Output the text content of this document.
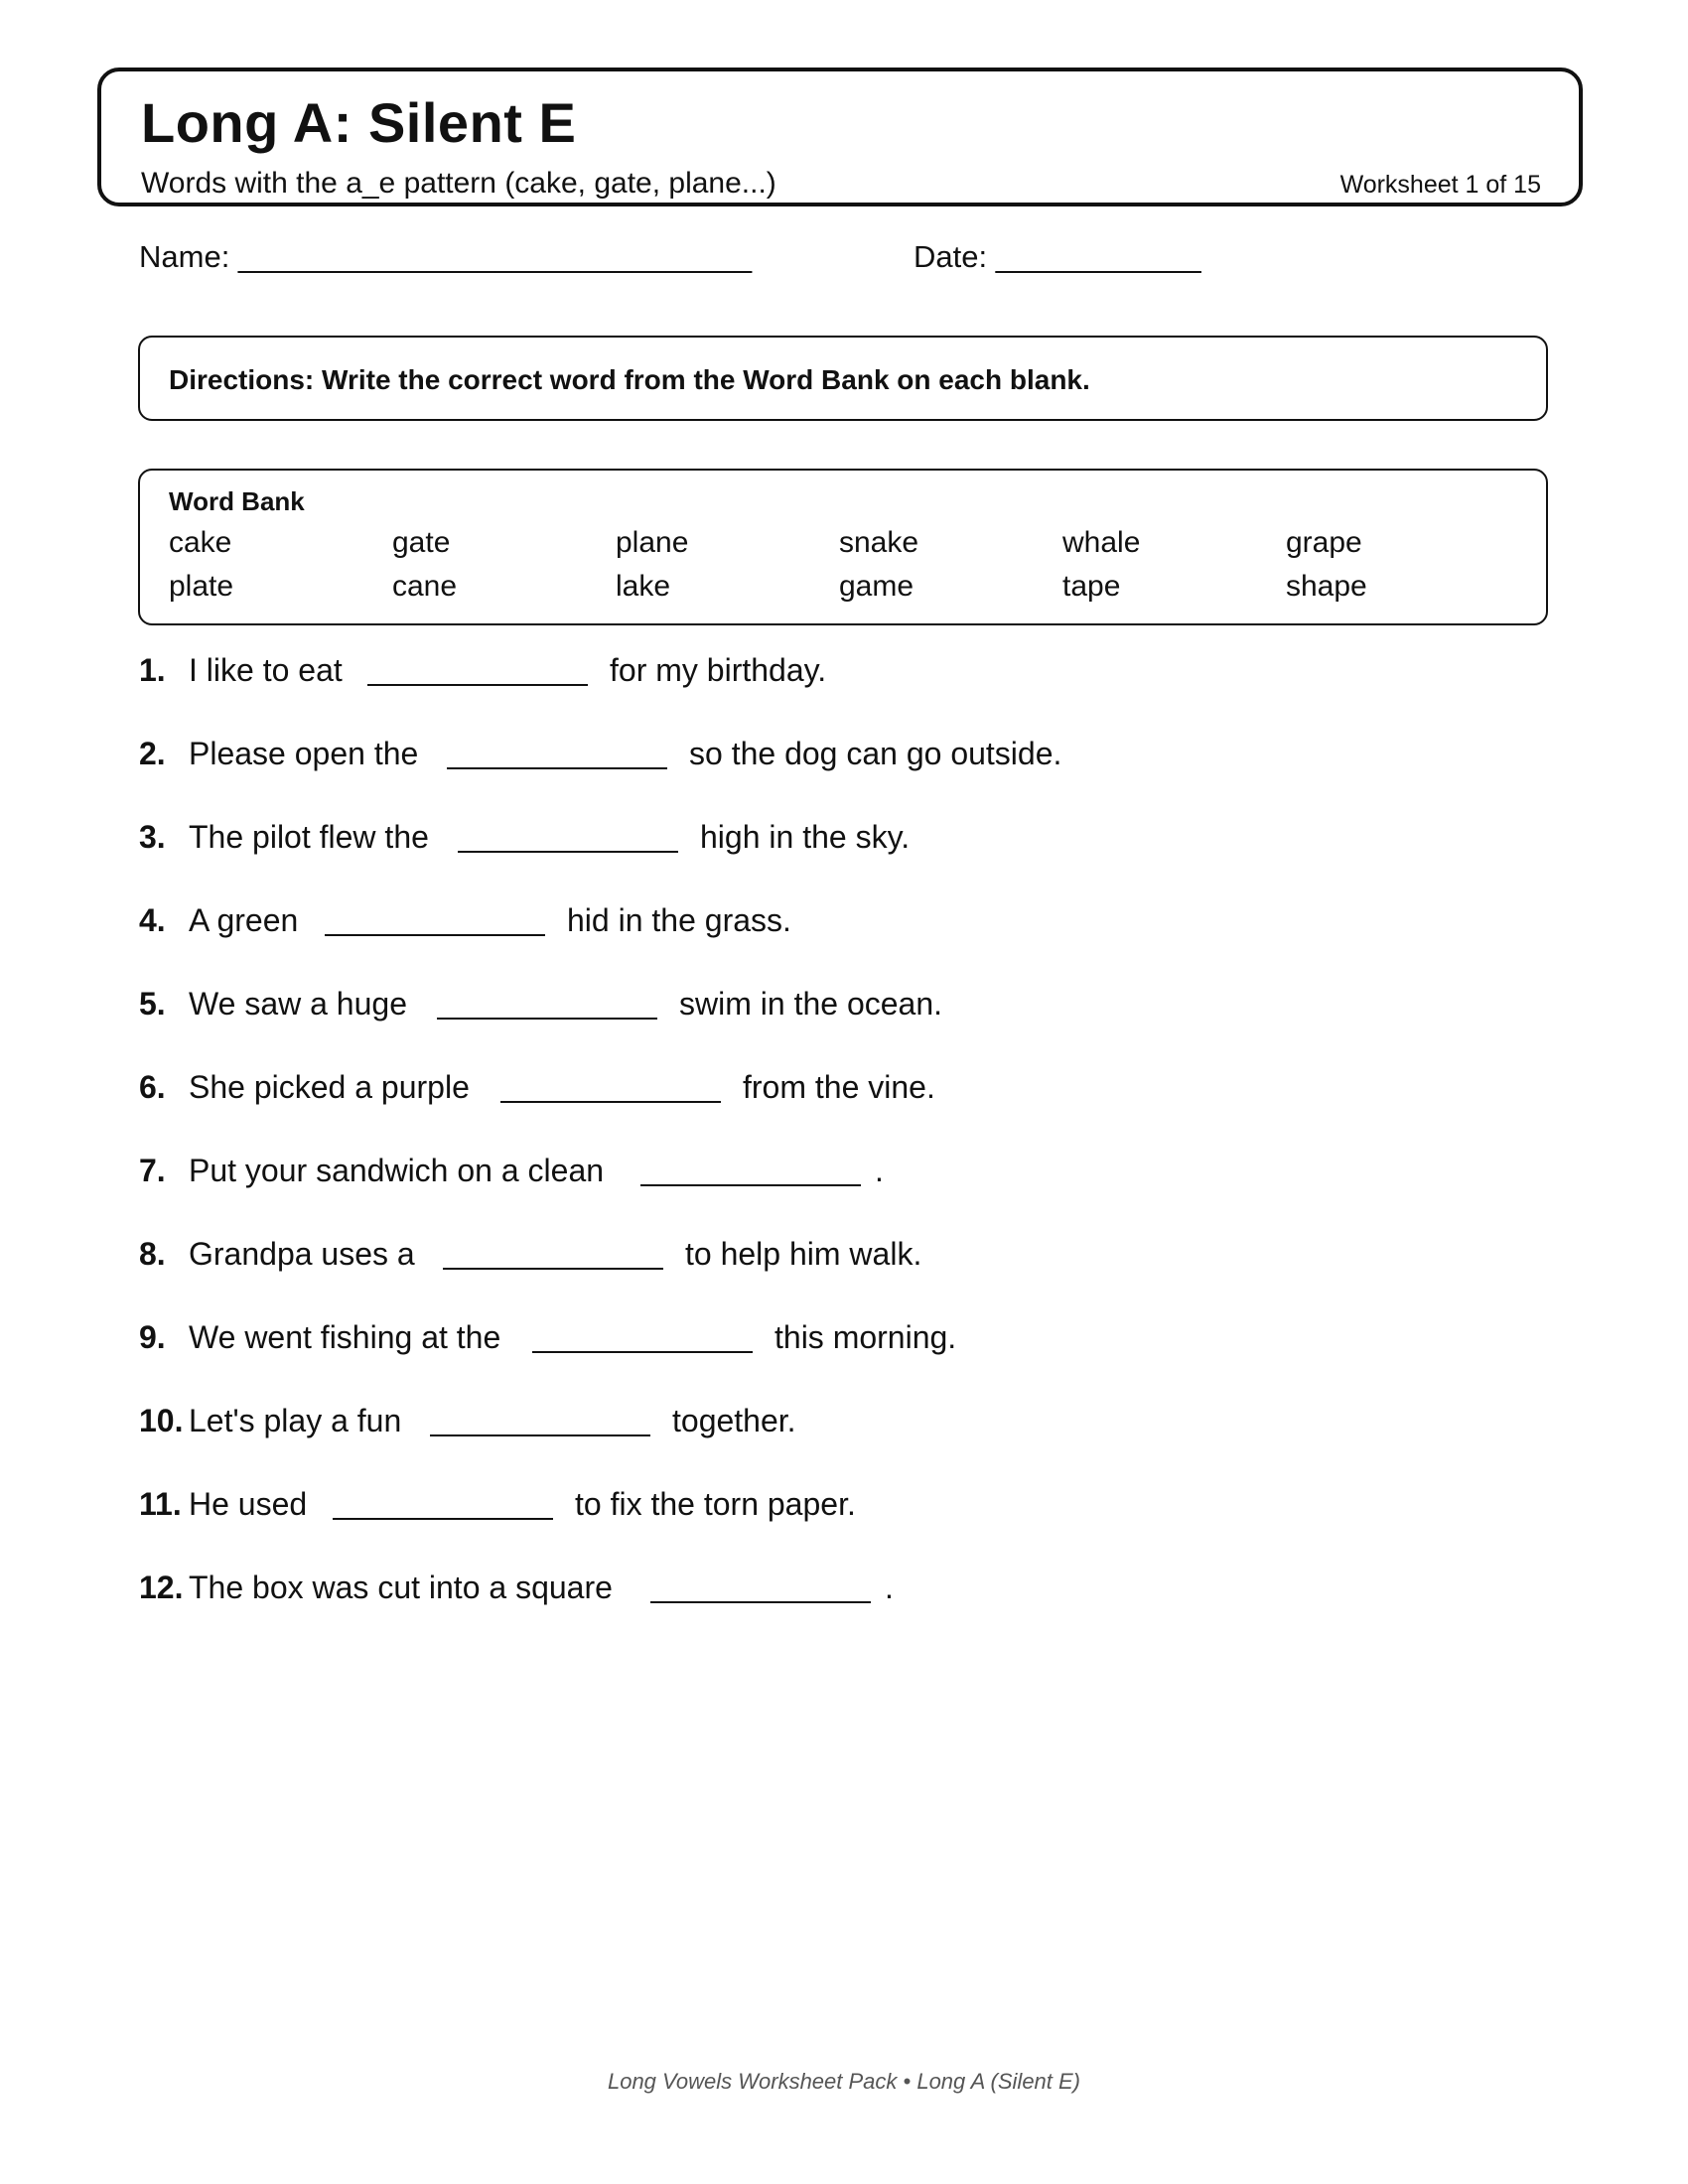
Long A: Silent E
Words with the a_e pattern (cake, gate, plane...)	Worksheet 1 of 15
Name: ______________________________	Date: ____________
Directions: Write the correct word from the Word Bank on each blank.
Word Bank
cake	gate	plane	snake	whale	grape
plate	cane	lake	game	tape	shape
1. I like to eat	for my birthday.
2. Please open the	so the dog can go outside.
3. The pilot flew the	high in the sky.
4. A green	hid in the grass.
5. We saw a huge	swim in the ocean.
6. She picked a purple	from the vine.
7. Put your sandwich on a clean	.
8. Grandpa uses a	to help him walk.
9. We went fishing at the	this morning.
10. Let's play a fun	together.
11. He used	to fix the torn paper.
12. The box was cut into a square	.
Long Vowels Worksheet Pack • Long A (Silent E)
